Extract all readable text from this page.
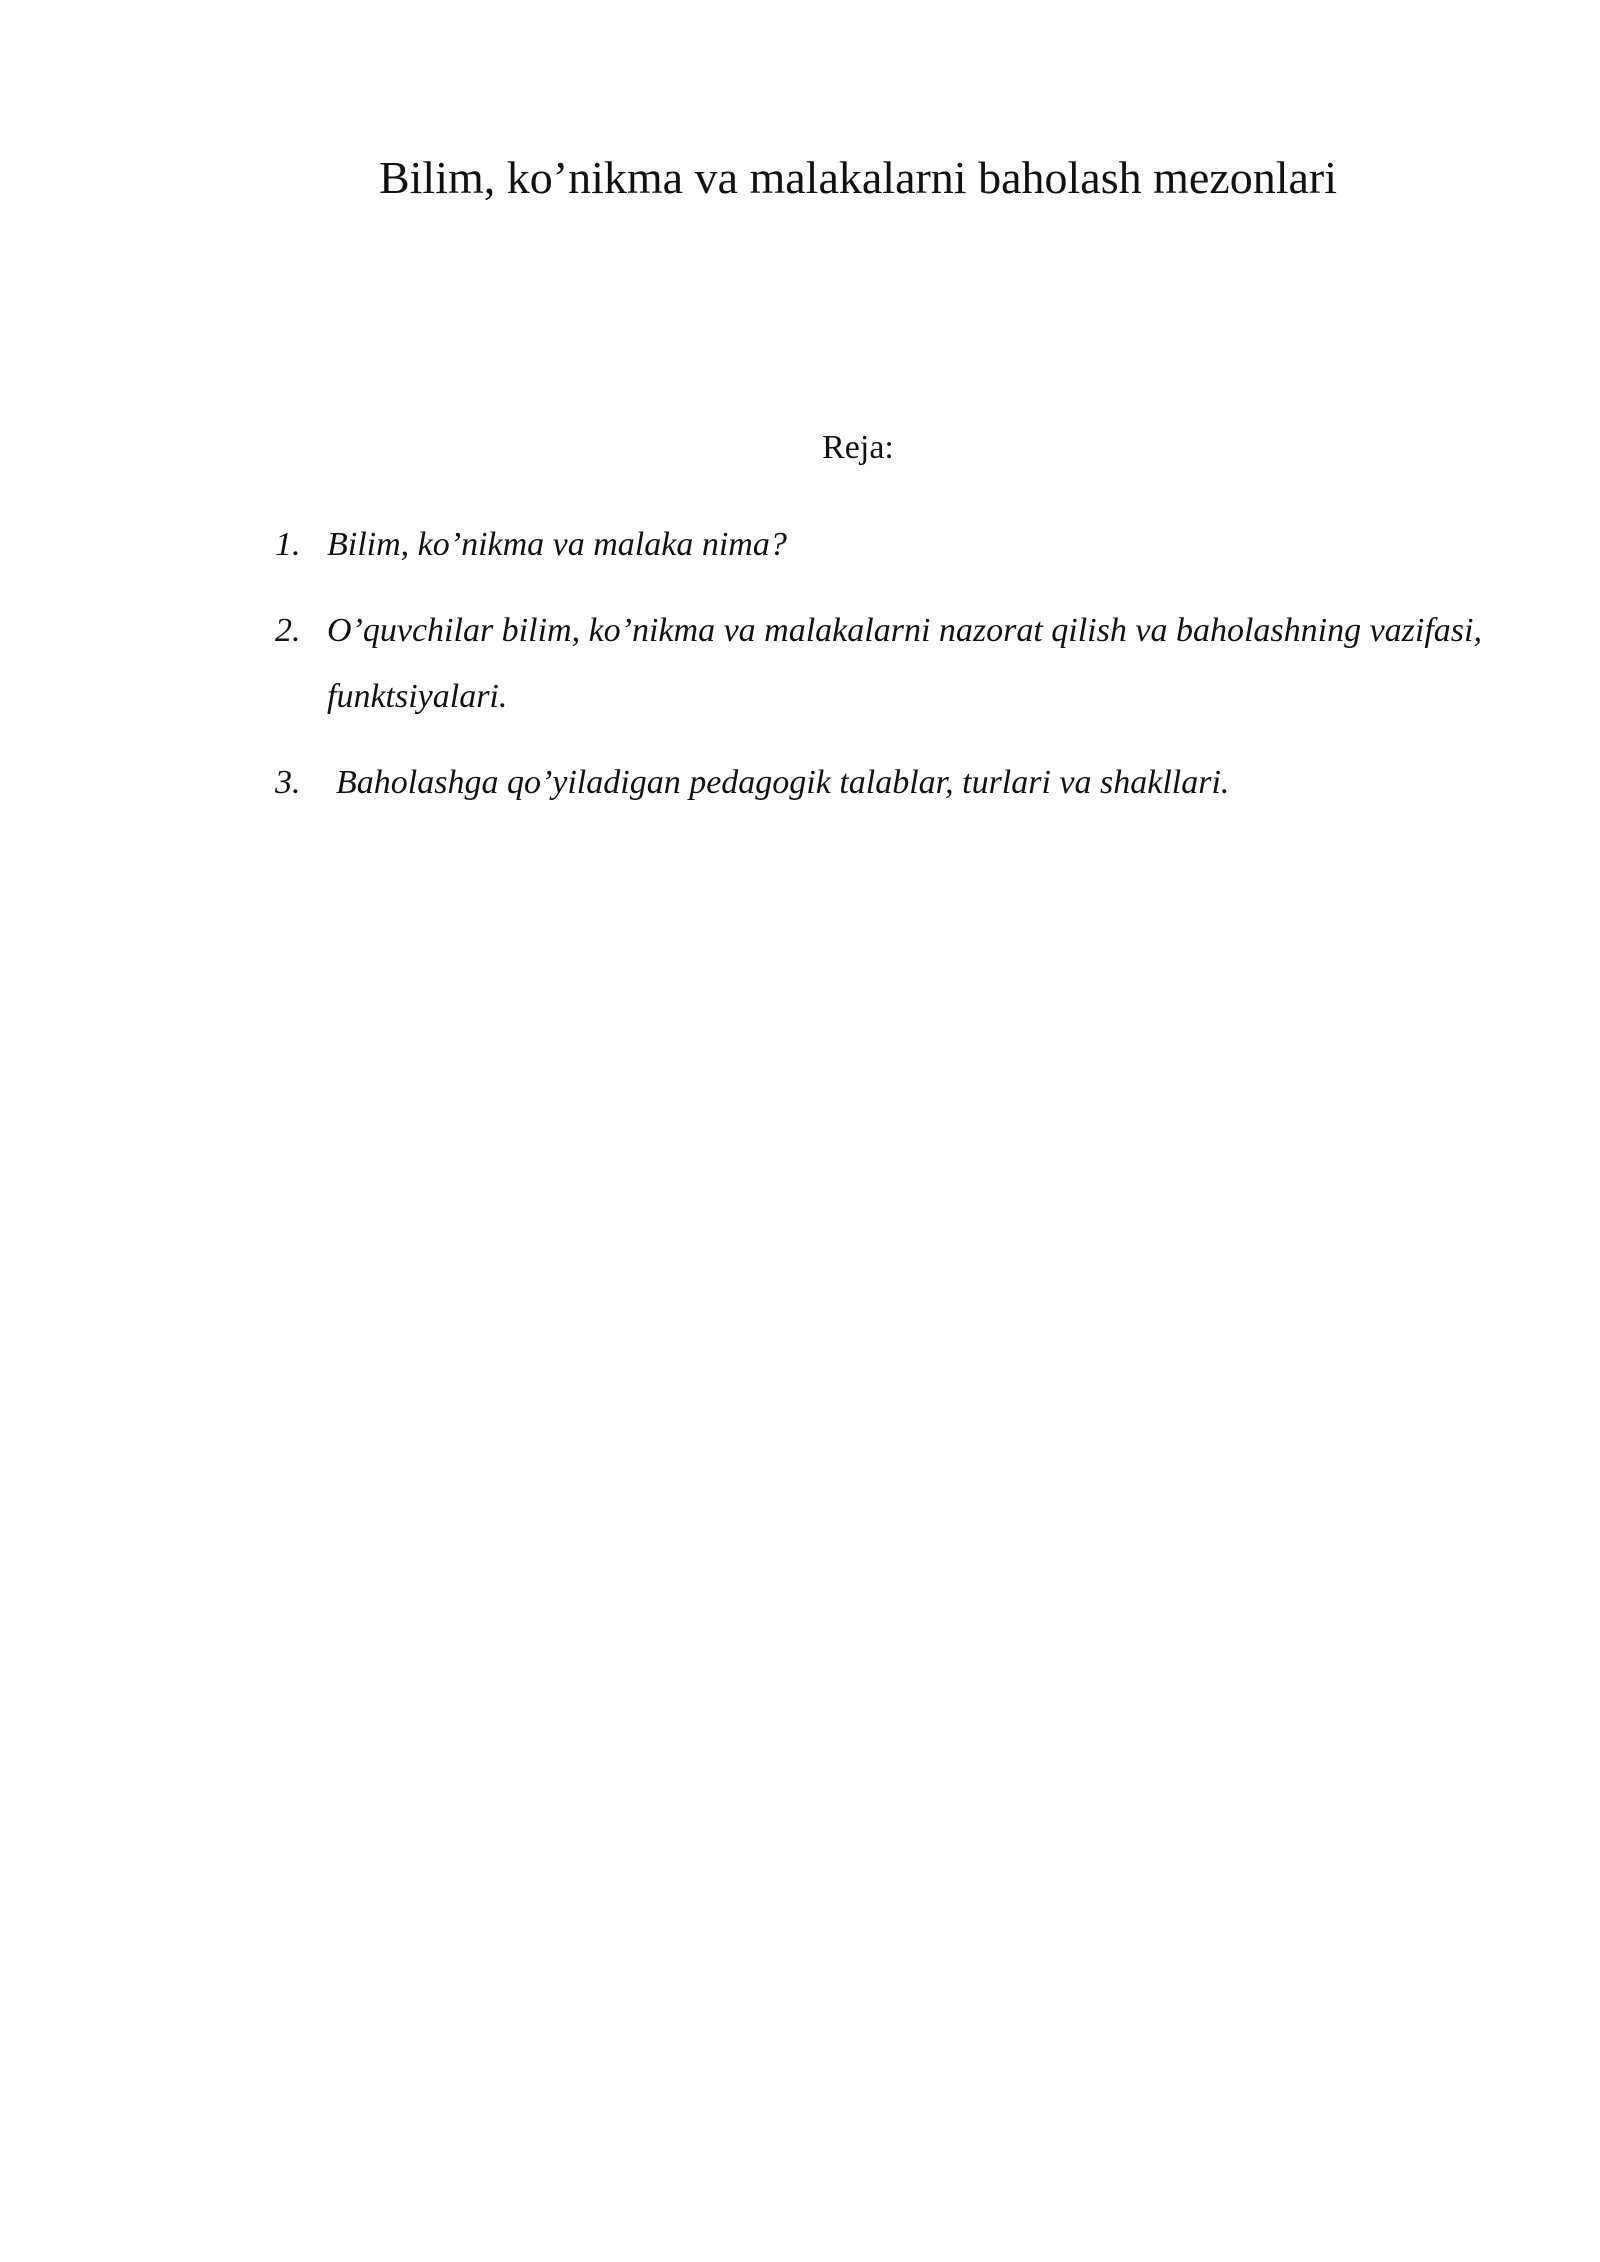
Bilim, ko’nikma va malakalarni baholash mezonlari

Reja:

1. Bilim, ko’nikma va malaka nima?
2. O’quvchilar bilim, ko’nikma va malakalarni nazorat qilish va baholashning vazifasi, funktsiyalari.
3. Baholashga qo’yiladigan pedagogik talablar, turlari va shakllari.
